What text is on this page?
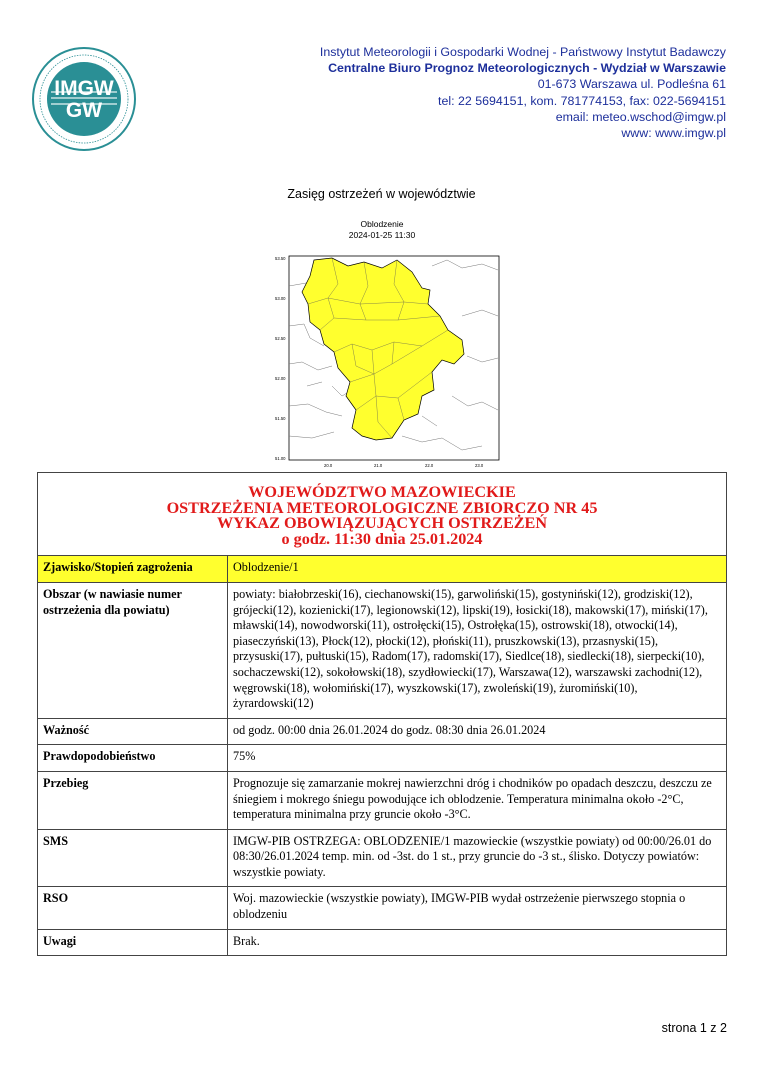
IMGW
GW
Instytut Meteorologii i Gospodarki Wodnej - Państwowy Instytut Badawczy
Centralne Biuro Prognoz Meteorologicznych - Wydział w Warszawie
01-673 Warszawa ul. Podleśna 61
tel: 22 5694151, kom. 781774153, fax: 022-5694151
email: meteo.wschod@imgw.pl
www: www.imgw.pl
Zasięg ostrzeżeń w województwie
Oblodzenie
2024-01-25 11:30
53.50
53.00
52.50
52.00
51.50
51.00
20.0	21.0	22.0	23.0
WOJEWÓDZTWO MAZOWIECKIE
OSTRZEŻENIA METEOROLOGICZNE ZBIORCZO NR 45
WYKAZ OBOWIĄZUJĄCYCH OSTRZEŻEŃ
o godz. 11:30 dnia 25.01.2024	

Zjawisko/Stopień zagrożenia	Oblodzenie/1
Obszar (w nawiasie numer ostrzeżenia dla powiatu)	powiaty: białobrzeski(16), ciechanowski(15), garwoliński(15), gostyniński(12), grodziski(12), grójecki(12), kozienicki(17), legionowski(12), lipski(19), łosicki(18), makowski(17), miński(17), mławski(14), nowodworski(11), ostrołęcki(15), Ostrołęka(15), ostrowski(18), otwocki(14), piaseczyński(13), Płock(12), płocki(12), płoński(11), pruszkowski(13), przasnyski(15), przysuski(17), pułtuski(15), Radom(17), radomski(17), Siedlce(18), siedlecki(18), sierpecki(10), sochaczewski(12), sokołowski(18), szydłowiecki(17), Warszawa(12), warszawski zachodni(12), węgrowski(18), wołomiński(17), wyszkowski(17), zwoleński(19), żuromiński(10), żyrardowski(12)
Ważność	od godz. 00:00 dnia 26.01.2024 do godz. 08:30 dnia 26.01.2024
Prawdopodobieństwo	75%
Przebieg	Prognozuje się zamarzanie mokrej nawierzchni dróg i chodników po opadach deszczu, deszczu ze śniegiem i mokrego śniegu powodujące ich oblodzenie. Temperatura minimalna około -2°C, temperatura minimalna przy gruncie około -3°C.
SMS	IMGW-PIB OSTRZEGA: OBLODZENIE/1 mazowieckie (wszystkie powiaty) od 00:00/26.01 do 08:30/26.01.2024 temp. min. od -3st. do 1 st., przy gruncie do -3 st., ślisko. Dotyczy powiatów: wszystkie powiaty.
RSO	Woj. mazowieckie (wszystkie powiaty), IMGW-PIB wydał ostrzeżenie pierwszego stopnia o oblodzeniu
Uwagi	Brak.
strona 1 z 2
